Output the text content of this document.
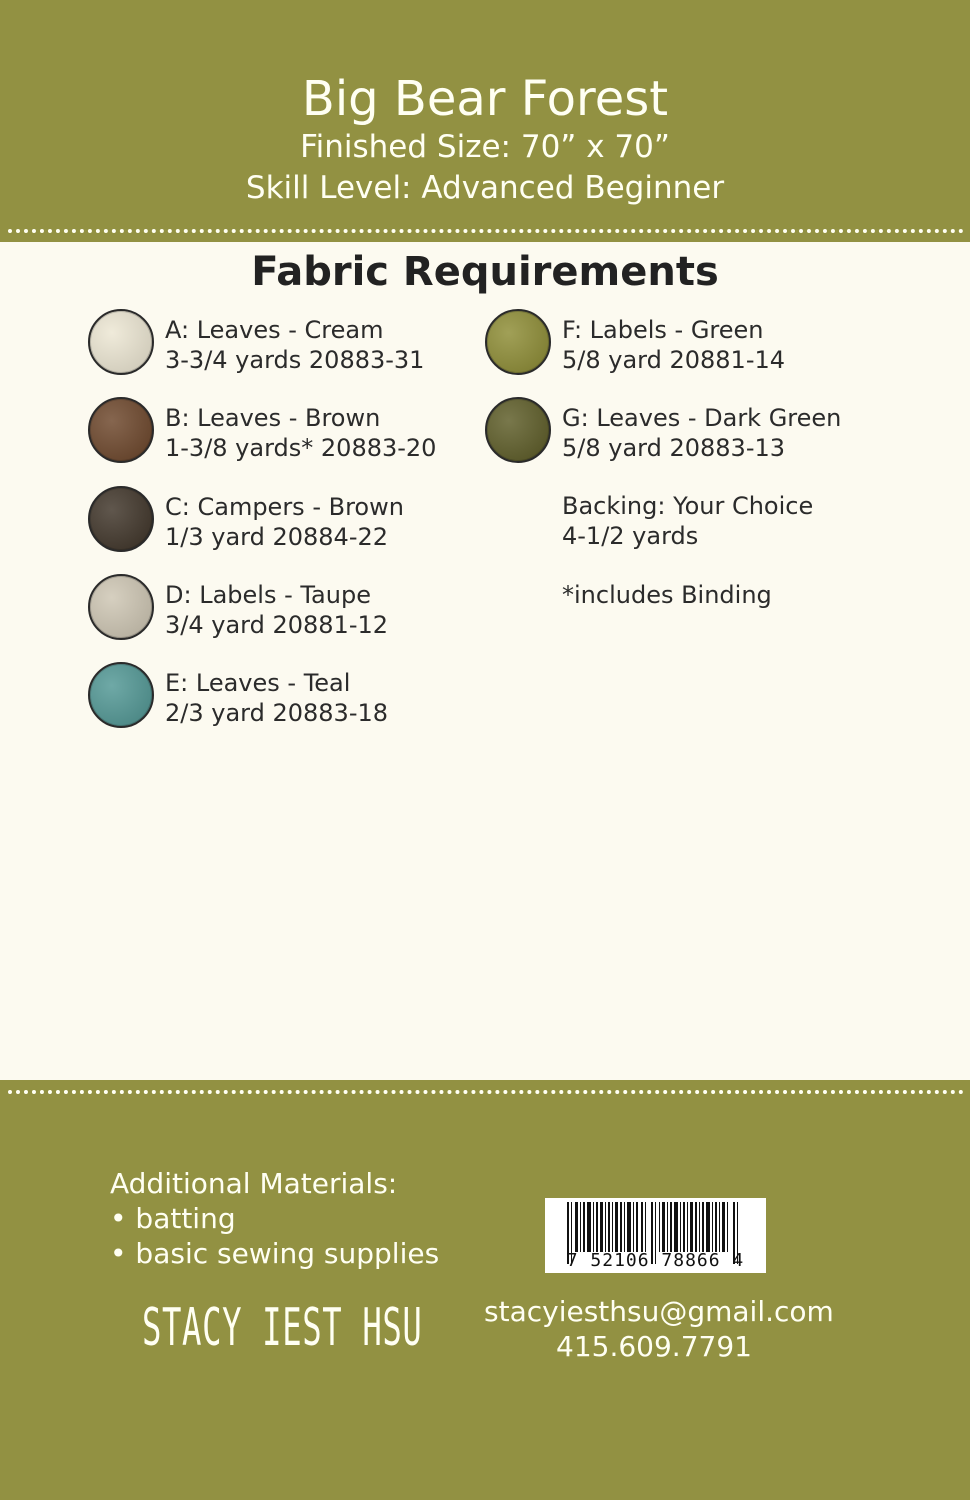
Big Bear Forest
Finished Size: 70” x 70”
Skill Level: Advanced Beginner
Fabric Requirements
A: Leaves - Cream
3-3/4 yards 20883-31
B: Leaves - Brown
1-3/8 yards* 20883-20
C: Campers - Brown
1/3 yard 20884-22
D: Labels - Taupe
3/4 yard 20881-12
E: Leaves - Teal
2/3 yard 20883-18
F: Labels - Green
5/8 yard 20881-14
G: Leaves - Dark Green
5/8 yard 20883-13
Backing: Your Choice
4-1/2 yards
*includes Binding
Additional Materials:
• batting
• basic sewing supplies
STACY IEST HSU
7 52106 78866 4
stacyiesthsu@gmail.com
415.609.7791
